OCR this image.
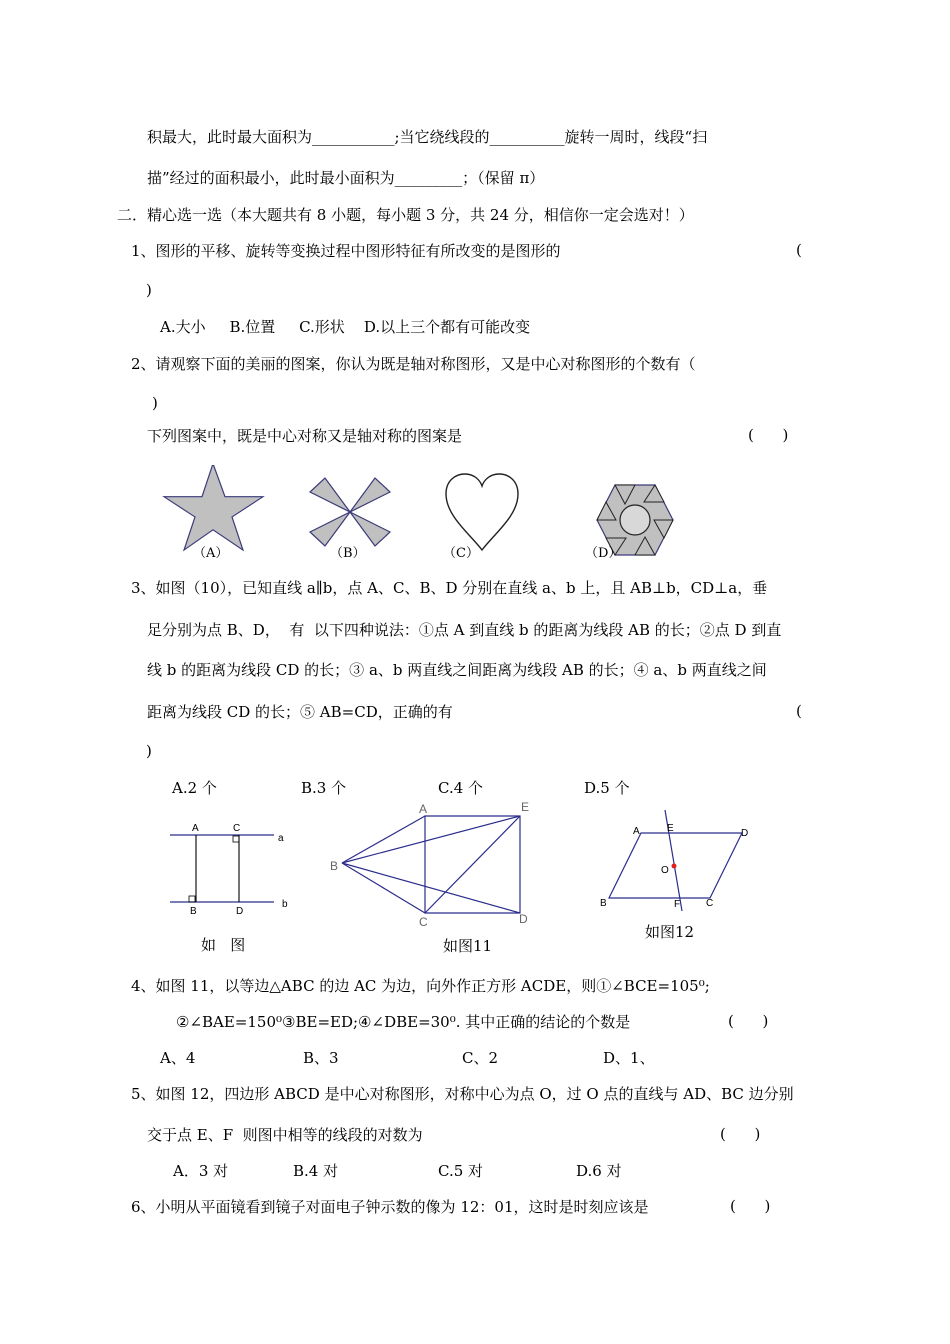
积最大，此时最大面积为___________;当它绕线段的__________旋转一周时，线段“扫
描”经过的面积最小，此时最小面积为_________；（保留 π）
二．精心选一选（本大题共有 8 小题，每小题 3 分，共 24 分，相信你一定会选对！）
1、图形的平移、旋转等变换过程中图形特征有所改变的是图形的	(
)
A.大小     B.位置     C.形状    D.以上三个都有可能改变
2、请观察下面的美丽的图案，你认为既是轴对称图形，又是中心对称图形的个数有（
)
下列图案中，既是中心对称又是轴对称的图案是	(      )
（A）	（B）	（C）	（D）
3、如图（10），已知直线 a∥b，点 A、C、B、D 分别在直线 a、b 上，且 AB⊥b，CD⊥a，垂
足分别为点 B、D，  有  以下四种说法：①点 A 到直线 b 的距离为线段 AB 的长；②点 D 到直
线 b 的距离为线段 CD 的长；③ a、b 两直线之间距离为线段 AB 的长；④ a、b 两直线之间
距离为线段 CD 的长；⑤ AB=CD，正确的有	(
)
A.2 个	B.3 个	C.4 个	D.5 个
A	C
a
B	D
b
如   图
A	E
B
C	D
如图11
A	E	D
O
B	F	C
如图12
4、如图 11，以等边△ABC 的边 AC 为边，向外作正方形 ACDE，则①∠BCE=105⁰;
②∠BAE=150⁰③BE=ED;④∠DBE=30⁰. 其中正确的结论的个数是	(      )
A、4	B、3	C、2	D、1、
5、如图 12，四边形 ABCD 是中心对称图形，对称中心为点 O，过 O 点的直线与 AD、BC 边分别
交于点 E、F  则图中相等的线段的对数为	(      )
A．3 对	B.4 对	C.5 对	D.6 对
6、小明从平面镜看到镜子对面电子钟示数的像为 12：01，这时是时刻应该是	(      )
